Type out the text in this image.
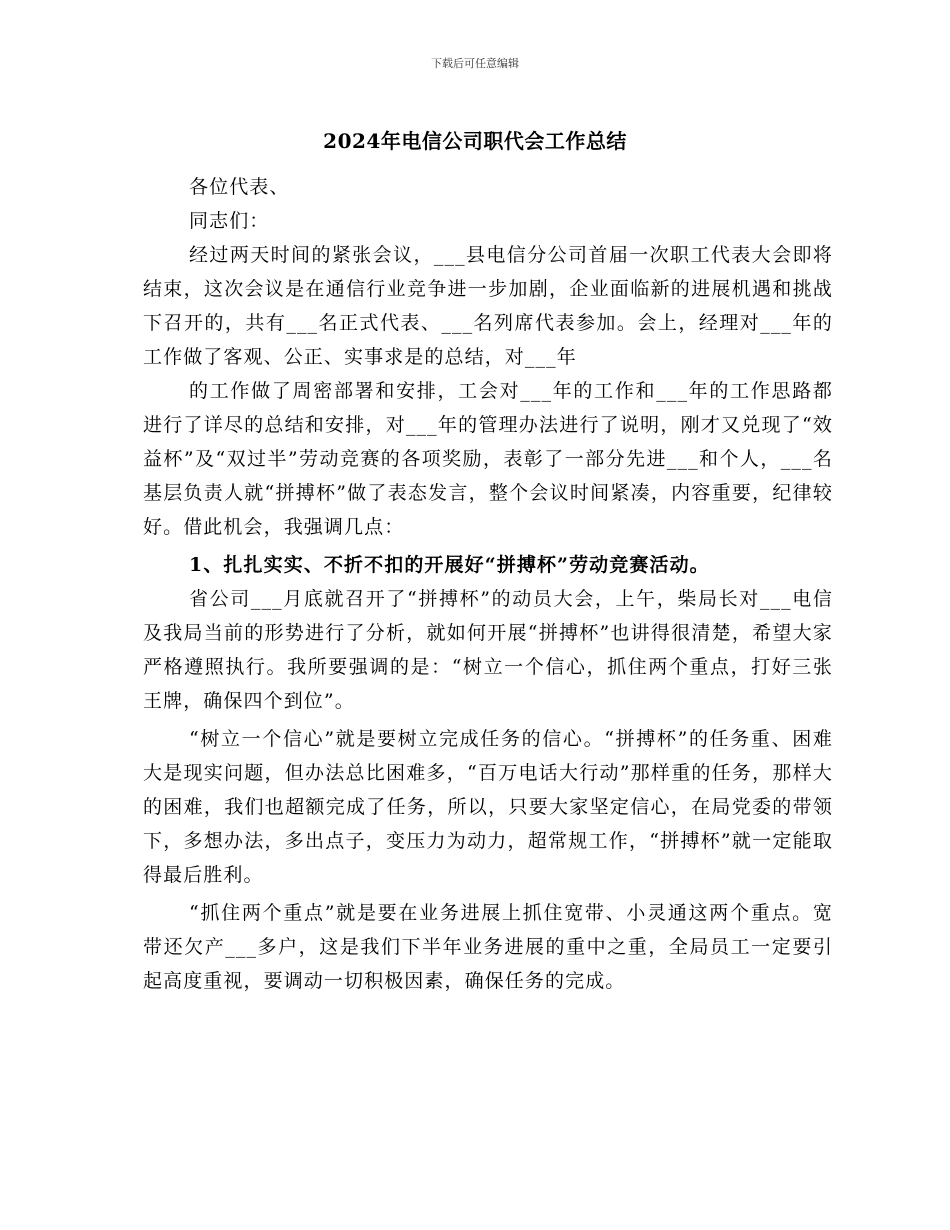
下载后可任意编辑
2024年电信公司职代会工作总结

各位代表、

同志们：

经过两天时间的紧张会议，___县电信分公司首届一次职工代表大会即将结束，这次会议是在通信行业竞争进一步加剧，企业面临新的进展机遇和挑战下召开的，共有___名正式代表、___名列席代表参加。会上，经理对___年的工作做了客观、公正、实事求是的总结，对___年

的工作做了周密部署和安排，工会对___年的工作和___年的工作思路都进行了详尽的总结和安排，对___年的管理办法进行了说明，刚才又兑现了“效益杯”及“双过半”劳动竞赛的各项奖励，表彰了一部分先进___和个人，___名基层负责人就“拼搏杯”做了表态发言，整个会议时间紧凑，内容重要，纪律较好。借此机会，我强调几点：

1、扎扎实实、不折不扣的开展好“拼搏杯”劳动竞赛活动。

省公司___月底就召开了“拼搏杯”的动员大会，上午，柴局长对___电信及我局当前的形势进行了分析，就如何开展“拼搏杯”也讲得很清楚，希望大家严格遵照执行。我所要强调的是：“树立一个信心，抓住两个重点，打好三张王牌，确保四个到位”。

“树立一个信心”就是要树立完成任务的信心。“拼搏杯”的任务重、困难大是现实问题，但办法总比困难多，“百万电话大行动”那样重的任务，那样大的困难，我们也超额完成了任务，所以，只要大家坚定信心，在局党委的带领下，多想办法，多出点子，变压力为动力，超常规工作，“拼搏杯”就一定能取得最后胜利。

“抓住两个重点”就是要在业务进展上抓住宽带、小灵通这两个重点。宽带还欠产___多户，这是我们下半年业务进展的重中之重，全局员工一定要引起高度重视，要调动一切积极因素，确保任务的完成。
